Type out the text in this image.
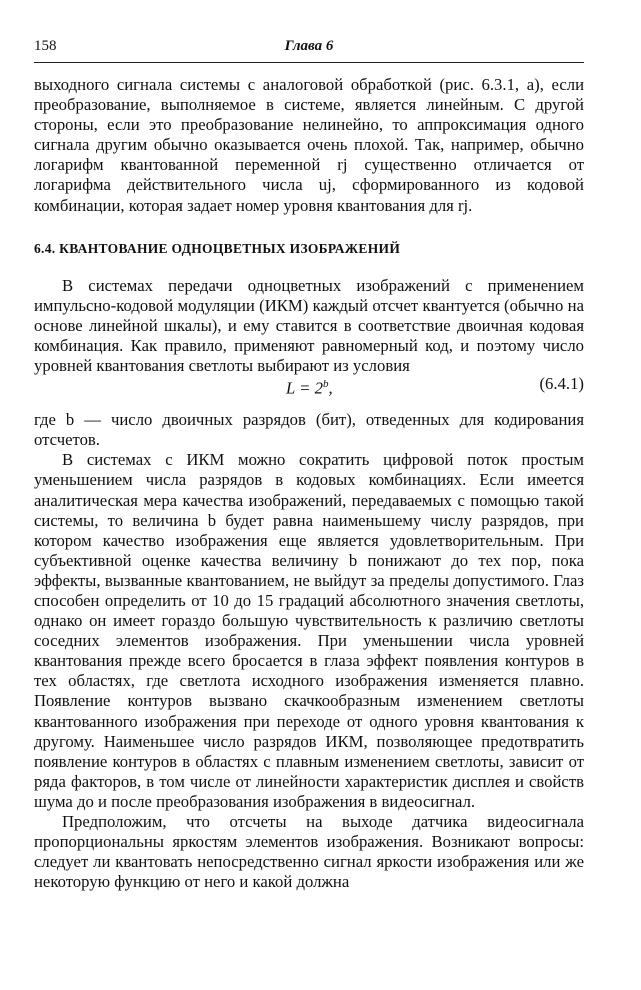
158	Глава 6

выходного сигнала системы с аналоговой обработкой (рис. 6.3.1, а), если преобразование, выполняемое в системе, является линейным. С другой стороны, если это преобразование нелинейно, то аппроксимация одного сигнала другим обычно оказывается очень плохой. Так, например, обычно логарифм квантованной переменной rj существенно отличается от логарифма действительного числа uj, сформированного из кодовой комбинации, которая задает номер уровня квантования для rj.

6.4. КВАНТОВАНИЕ ОДНОЦВЕТНЫХ ИЗОБРАЖЕНИЙ

В системах передачи одноцветных изображений с применением импульсно-кодовой модуляции (ИКМ) каждый отсчет квантуется (обычно на основе линейной шкалы), и ему ставится в соответствие двоичная кодовая комбинация. Как правило, применяют равномерный код, и поэтому число уровней квантования светлоты выбирают из условия

$L = 2^b$,	(6.4.1)

где b — число двоичных разрядов (бит), отведенных для кодирования отсчетов.

В системах с ИКМ можно сократить цифровой поток простым уменьшением числа разрядов в кодовых комбинациях. Если имеется аналитическая мера качества изображений, передаваемых с помощью такой системы, то величина b будет равна наименьшему числу разрядов, при котором качество изображения еще является удовлетворительным. При субъективной оценке качества величину b понижают до тех пор, пока эффекты, вызванные квантованием, не выйдут за пределы допустимого. Глаз способен определить от 10 до 15 градаций абсолютного значения светлоты, однако он имеет гораздо большую чувствительность к различию светлоты соседних элементов изображения. При уменьшении числа уровней квантования прежде всего бросается в глаза эффект появления контуров в тех областях, где светлота исходного изображения изменяется плавно. Появление контуров вызвано скачкообразным изменением светлоты квантованного изображения при переходе от одного уровня квантования к другому. Наименьшее число разрядов ИКМ, позволяющее предотвратить появление контуров в областях с плавным изменением светлоты, зависит от ряда факторов, в том числе от линейности характеристик дисплея и свойств шума до и после преобразования изображения в видеосигнал.

Предположим, что отсчеты на выходе датчика видеосигнала пропорциональны яркостям элементов изображения. Возникают вопросы: следует ли квантовать непосредственно сигнал яркости изображения или же некоторую функцию от него и какой должна
